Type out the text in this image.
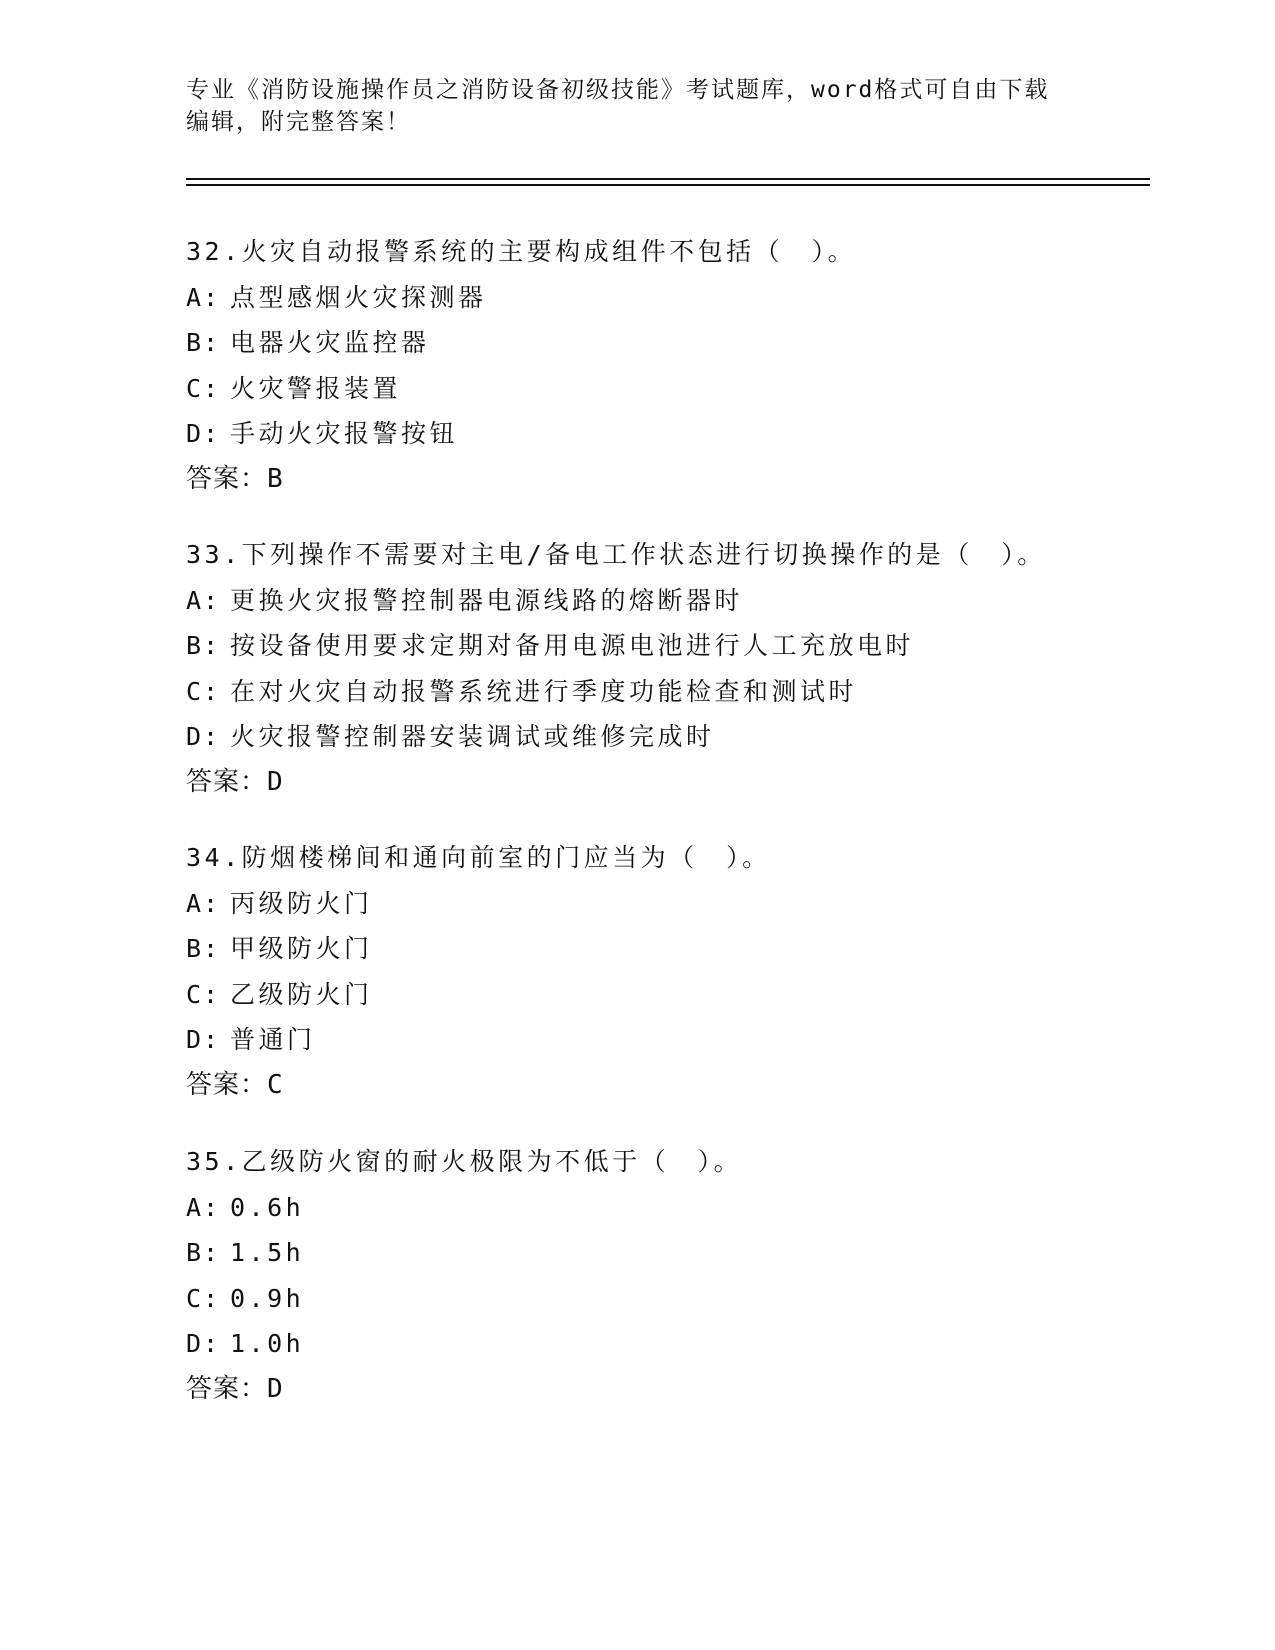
专业《消防设施操作员之消防设备初级技能》考试题库，word格式可自由下载编辑，附完整答案！
32.火灾自动报警系统的主要构成组件不包括（　）。
A: 点型感烟火灾探测器
B: 电器火灾监控器
C: 火灾警报装置
D: 手动火灾报警按钮
答案：B
33.下列操作不需要对主电/备电工作状态进行切换操作的是（　）。
A: 更换火灾报警控制器电源线路的熔断器时
B: 按设备使用要求定期对备用电源电池进行人工充放电时
C: 在对火灾自动报警系统进行季度功能检查和测试时
D: 火灾报警控制器安装调试或维修完成时
答案：D
34.防烟楼梯间和通向前室的门应当为（　）。
A: 丙级防火门
B: 甲级防火门
C: 乙级防火门
D: 普通门
答案：C
35.乙级防火窗的耐火极限为不低于（　）。
A: 0.6h
B: 1.5h
C: 0.9h
D: 1.0h
答案：D
